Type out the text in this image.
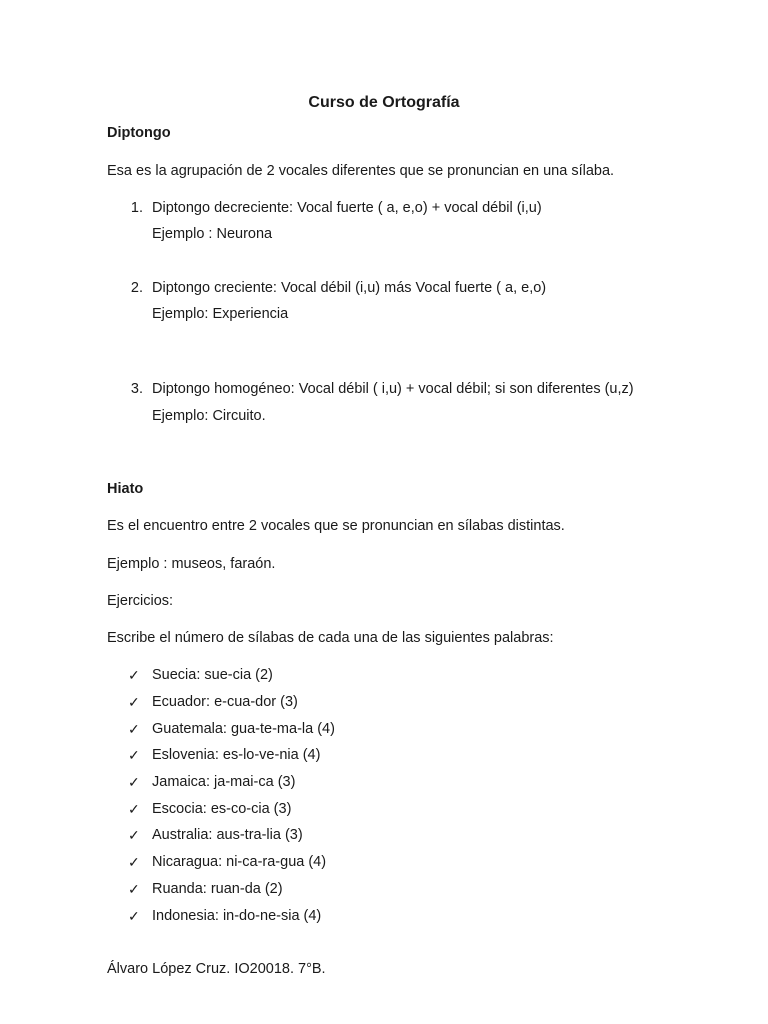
Curso de Ortografía
Diptongo
Esa es la agrupación de 2 vocales diferentes que se pronuncian en una sílaba.
1. Diptongo decreciente: Vocal fuerte ( a, e,o) + vocal débil (i,u)
Ejemplo : Neurona
2. Diptongo creciente: Vocal débil (i,u) más Vocal fuerte ( a, e,o)
Ejemplo: Experiencia
3. Diptongo homogéneo: Vocal débil ( i,u) + vocal débil; si son diferentes (u,z)
Ejemplo: Circuito.
Hiato
Es el encuentro entre 2 vocales que se pronuncian en sílabas distintas.
Ejemplo : museos, faraón.
Ejercicios:
Escribe el número de sílabas de cada una de las siguientes palabras:
✓ Suecia: sue-cia (2)
✓ Ecuador: e-cua-dor (3)
✓ Guatemala: gua-te-ma-la (4)
✓ Eslovenia: es-lo-ve-nia (4)
✓ Jamaica: ja-mai-ca (3)
✓ Escocia: es-co-cia (3)
✓ Australia: aus-tra-lia (3)
✓ Nicaragua: ni-ca-ra-gua (4)
✓ Ruanda: ruan-da (2)
✓ Indonesia: in-do-ne-sia (4)
Álvaro López Cruz. IO20018. 7°B.
